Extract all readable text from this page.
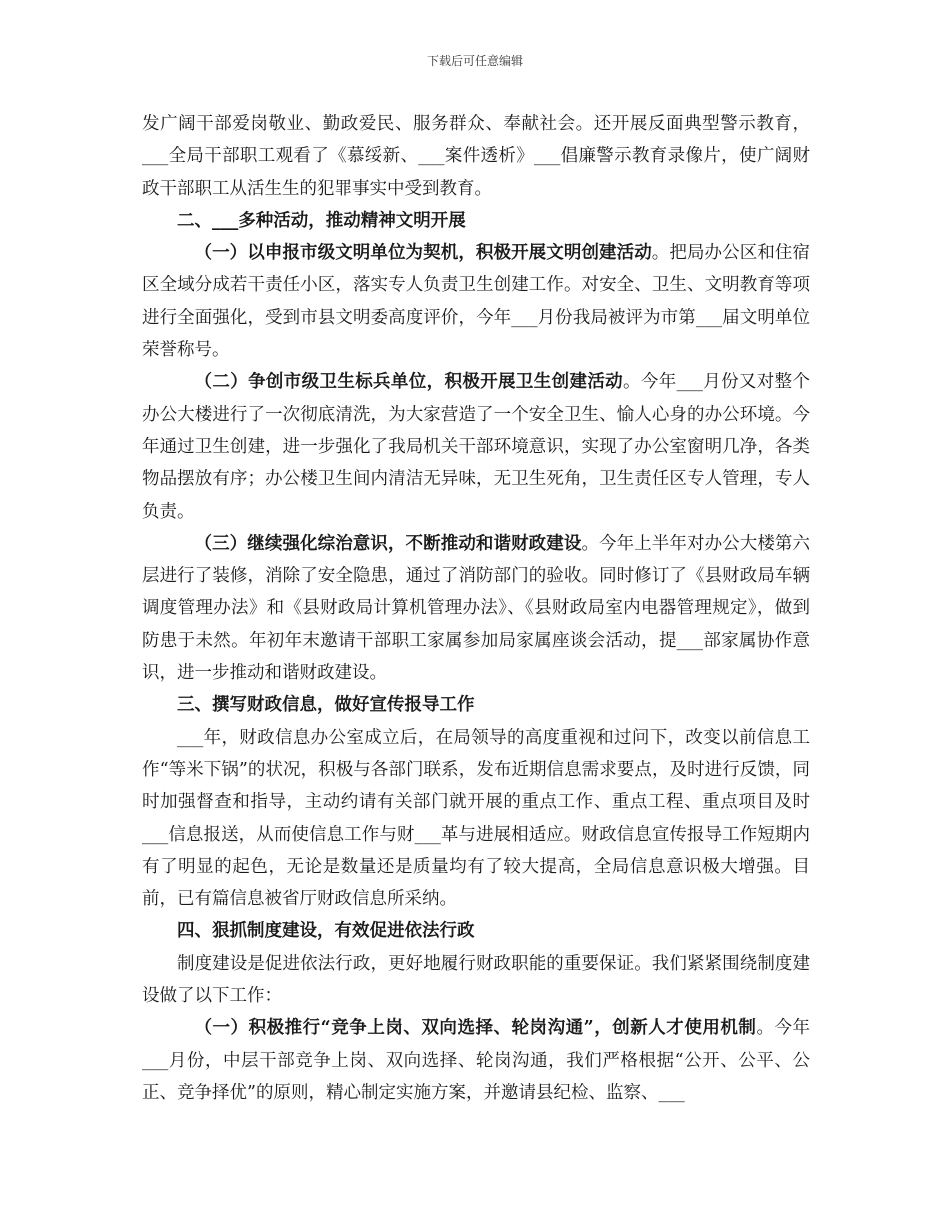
下载后可任意编辑

发广阔干部爱岗敬业、勤政爱民、服务群众、奉献社会。还开展反面典型警示教育，___全局干部职工观看了《慕绥新、___案件透析》___倡廉警示教育录像片，使广阔财政干部职工从活生生的犯罪事实中受到教育。

二、___多种活动，推动精神文明开展

（一）以申报市级文明单位为契机，积极开展文明创建活动。把局办公区和住宿区全域分成若干责任小区，落实专人负责卫生创建工作。对安全、卫生、文明教育等项进行全面强化，受到市县文明委高度评价，今年___月份我局被评为市第___届文明单位荣誉称号。

（二）争创市级卫生标兵单位，积极开展卫生创建活动。今年___月份又对整个办公大楼进行了一次彻底清洗，为大家营造了一个安全卫生、愉人心身的办公环境。今年通过卫生创建，进一步强化了我局机关干部环境意识，实现了办公室窗明几净，各类物品摆放有序；办公楼卫生间内清洁无异味，无卫生死角，卫生责任区专人管理，专人负责。

（三）继续强化综治意识，不断推动和谐财政建设。今年上半年对办公大楼第六层进行了装修，消除了安全隐患，通过了消防部门的验收。同时修订了《县财政局车辆调度管理办法》和《县财政局计算机管理办法》、《县财政局室内电器管理规定》，做到防患于未然。年初年末邀请干部职工家属参加局家属座谈会活动，提___部家属协作意识，进一步推动和谐财政建设。

三、撰写财政信息，做好宣传报导工作

___年，财政信息办公室成立后，在局领导的高度重视和过问下，改变以前信息工作“等米下锅”的状况，积极与各部门联系，发布近期信息需求要点，及时进行反馈，同时加强督查和指导，主动约请有关部门就开展的重点工作、重点工程、重点项目及时___信息报送，从而使信息工作与财___革与进展相适应。财政信息宣传报导工作短期内有了明显的起色，无论是数量还是质量均有了较大提高，全局信息意识极大增强。目前，已有篇信息被省厅财政信息所采纳。

四、狠抓制度建设，有效促进依法行政

制度建设是促进依法行政，更好地履行财政职能的重要保证。我们紧紧围绕制度建设做了以下工作：

（一）积极推行“竞争上岗、双向选择、轮岗沟通”，创新人才使用机制。今年___月份，中层干部竞争上岗、双向选择、轮岗沟通，我们严格根据“公开、公平、公正、竞争择优”的原则，精心制定实施方案，并邀请县纪检、监察、___
